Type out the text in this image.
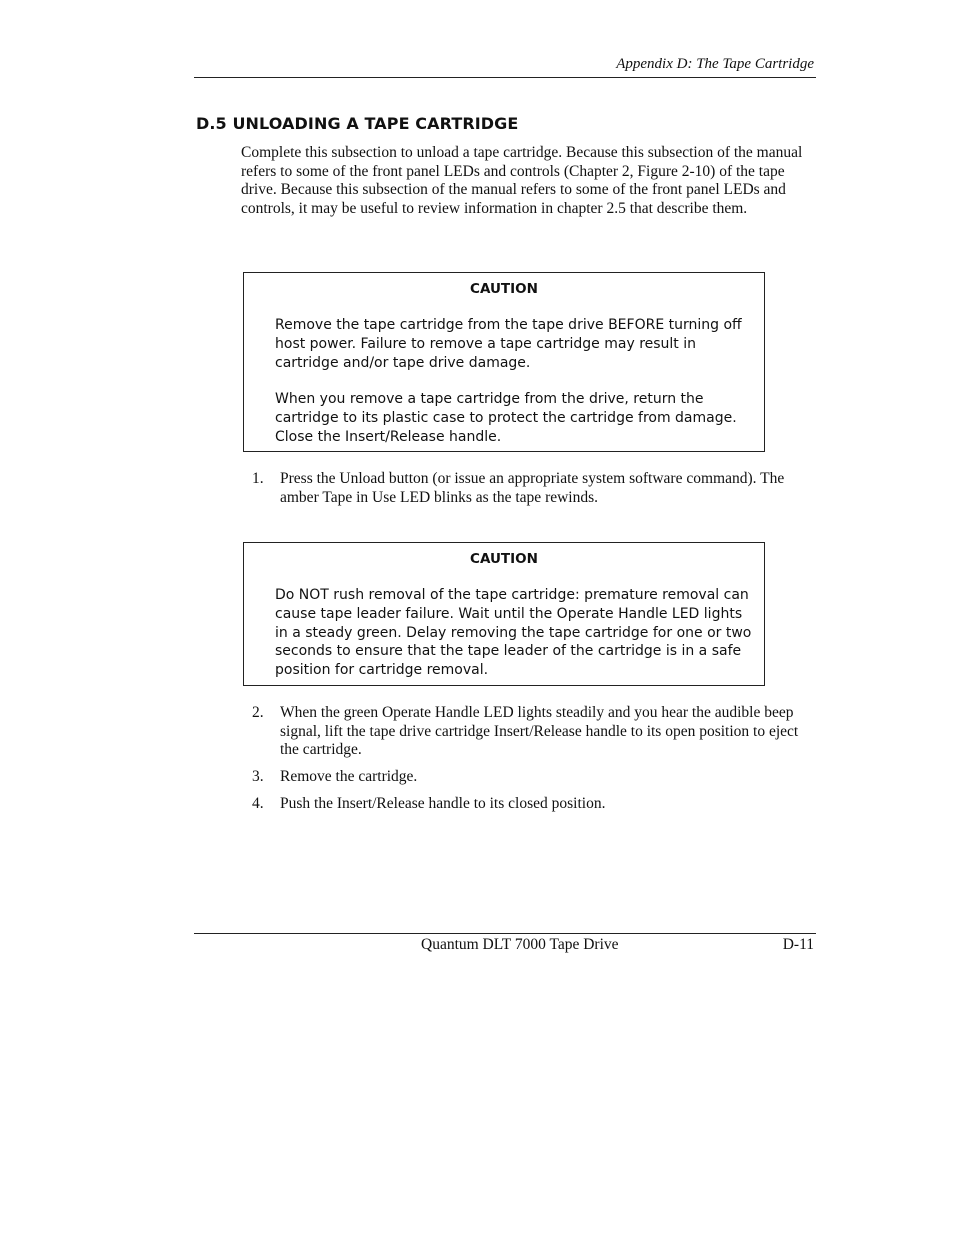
Appendix D: The Tape Cartridge
D.5 UNLOADING A TAPE CARTRIDGE
Complete this subsection to unload a tape cartridge. Because this subsection of the manual refers to some of the front panel LEDs and controls (Chapter 2, Figure 2-10) of the tape drive. Because this subsection of the manual refers to some of the front panel LEDs and controls, it may be useful to review information in chapter 2.5 that describe them.
CAUTION

Remove the tape cartridge from the tape drive BEFORE turning off host power. Failure to remove a tape cartridge may result in cartridge and/or tape drive damage.

When you remove a tape cartridge from the drive, return the cartridge to its plastic case to protect the cartridge from damage. Close the Insert/Release handle.

1.	Press the Unload button (or issue an appropriate system software command). The amber Tape in Use LED blinks as the tape rewinds.
CAUTION

Do NOT rush removal of the tape cartridge: premature removal can cause tape leader failure. Wait until the Operate Handle LED lights in a steady green. Delay removing the tape cartridge for one or two seconds to ensure that the tape leader of the cartridge is in a safe position for cartridge removal.

2.	When the green Operate Handle LED lights steadily and you hear the audible beep signal, lift the tape drive cartridge Insert/Release handle to its open position to eject the cartridge.
3.	Remove the cartridge.
4.	Push the Insert/Release handle to its closed position.
Quantum DLT 7000 Tape Drive	D-11
